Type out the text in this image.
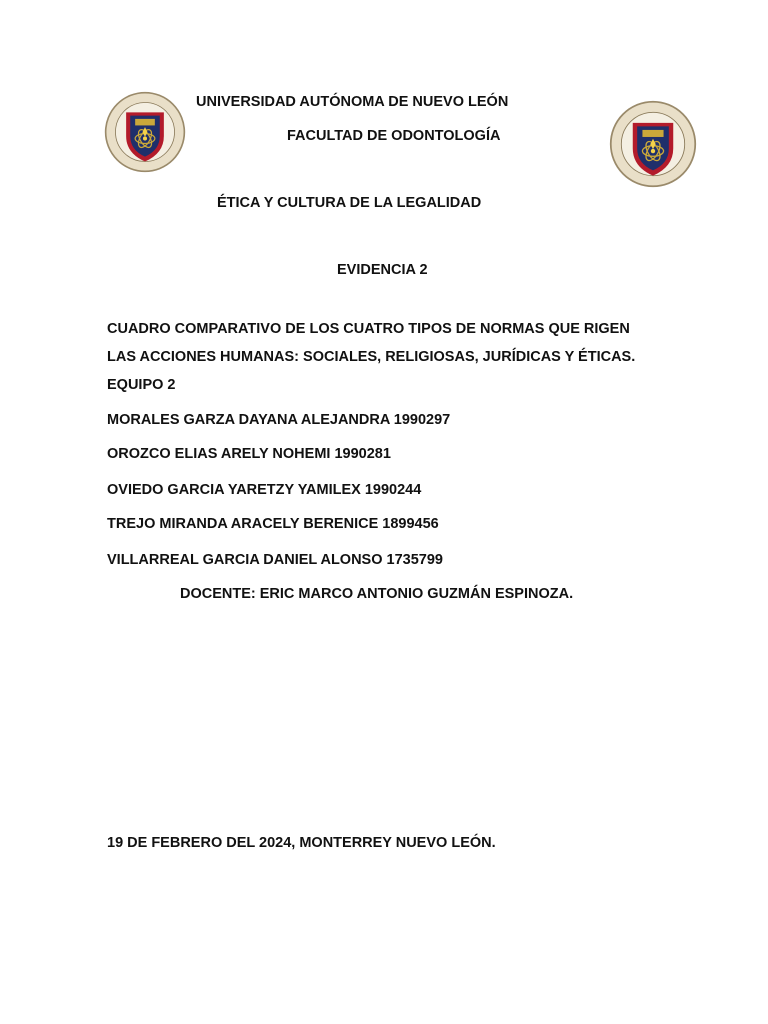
UNIVERSIDAD AUTÓNOMA DE NUEVO LEÓN

FACULTAD DE ODONTOLOGÍA

ÉTICA Y CULTURA DE LA LEGALIDAD

EVIDENCIA 2

CUADRO COMPARATIVO DE LOS CUATRO TIPOS DE NORMAS QUE RIGEN

LAS ACCIONES HUMANAS: SOCIALES, RELIGIOSAS, JURÍDICAS Y ÉTICAS.

EQUIPO 2

MORALES GARZA DAYANA ALEJANDRA 1990297

OROZCO ELIAS ARELY NOHEMI 1990281

OVIEDO GARCIA YARETZY YAMILEX 1990244

TREJO MIRANDA ARACELY BERENICE 1899456

VILLARREAL GARCIA DANIEL ALONSO 1735799

DOCENTE: ERIC MARCO ANTONIO GUZMÁN ESPINOZA.

19 DE FEBRERO DEL 2024, MONTERREY NUEVO LEÓN.
